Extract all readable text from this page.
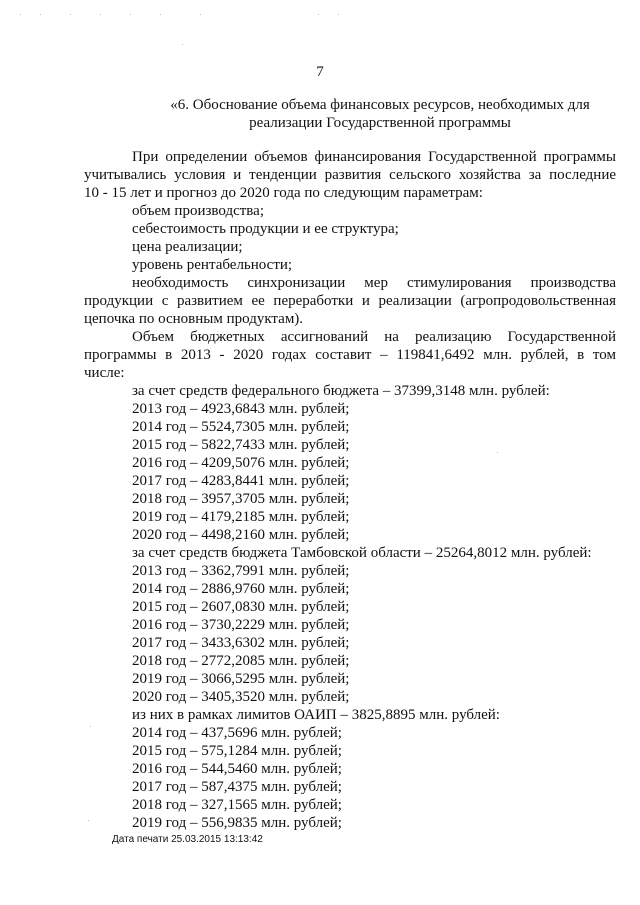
7
«6. Обоснование объема финансовых ресурсов, необходимых для
реализации Государственной программы
При определении объемов финансирования Государственной программы
учитывались условия и тенденции развития сельского хозяйства за последние
10 - 15 лет и прогноз до 2020 года по следующим параметрам:
объем производства;
себестоимость продукции и ее структура;
цена реализации;
уровень рентабельности;
необходимость синхронизации мер стимулирования производства
продукции с развитием ее переработки и реализации (агропродовольственная
цепочка по основным продуктам).
Объем бюджетных ассигнований на реализацию Государственной
программы в 2013 - 2020 годах составит – 119841,6492 млн. рублей, в том
числе:
за счет средств федерального бюджета – 37399,3148 млн. рублей:
2013 год – 4923,6843 млн. рублей;
2014 год – 5524,7305 млн. рублей;
2015 год – 5822,7433 млн. рублей;
2016 год – 4209,5076 млн. рублей;
2017 год – 4283,8441 млн. рублей;
2018 год – 3957,3705 млн. рублей;
2019 год – 4179,2185 млн. рублей;
2020 год – 4498,2160 млн. рублей;
за счет средств бюджета Тамбовской области – 25264,8012 млн. рублей:
2013 год – 3362,7991 млн. рублей;
2014 год – 2886,9760 млн. рублей;
2015 год – 2607,0830 млн. рублей;
2016 год – 3730,2229 млн. рублей;
2017 год – 3433,6302 млн. рублей;
2018 год – 2772,2085 млн. рублей;
2019 год – 3066,5295 млн. рублей;
2020 год – 3405,3520 млн. рублей;
из них в рамках лимитов ОАИП – 3825,8895 млн. рублей:
2014 год – 437,5696 млн. рублей;
2015 год – 575,1284 млн. рублей;
2016 год – 544,5460 млн. рублей;
2017 год – 587,4375 млн. рублей;
2018 год – 327,1565 млн. рублей;
2019 год – 556,9835 млн. рублей;
Дата печати 25.03.2015 13:13:42
